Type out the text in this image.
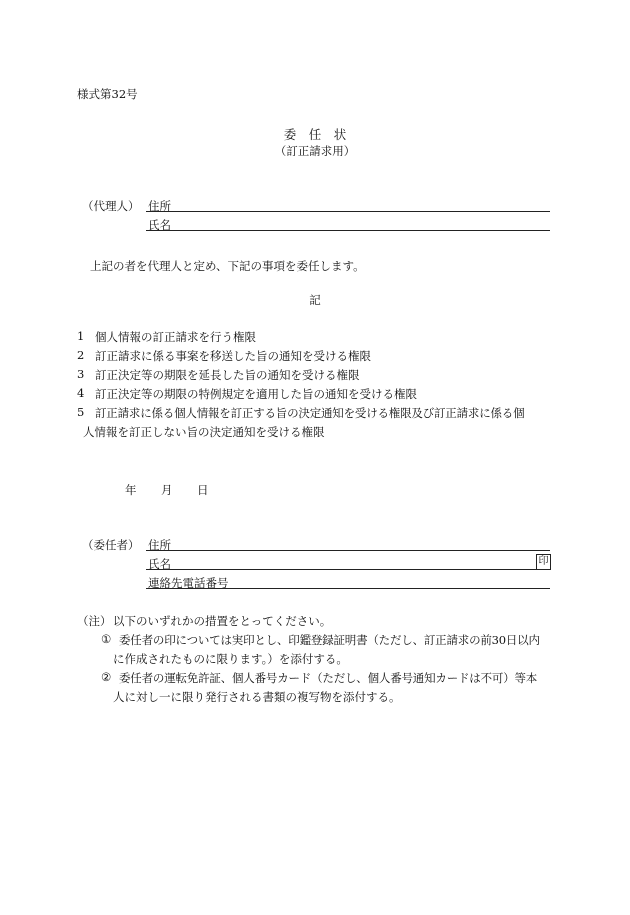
様式第32号
委　任　状
（訂正請求用）
（代理人） 住所
氏名
上記の者を代理人と定め、下記の事項を委任します。
記
1 個人情報の訂正請求を行う権限
2 訂正請求に係る事案を移送した旨の通知を受ける権限
3 訂正決定等の期限を延長した旨の通知を受ける権限
4 訂正決定等の期限の特例規定を適用した旨の通知を受ける権限
5 訂正請求に係る個人情報を訂正する旨の決定通知を受ける権限及び訂正請求に係る個
人情報を訂正しない旨の決定通知を受ける権限
年 月 日
（委任者） 住所
氏名	印
連絡先電話番号
（注） 以下のいずれかの措置をとってください。
① 委任者の印については実印とし、印鑑登録証明書（ただし、訂正請求の前30日以内
に作成されたものに限ります。）を添付する。
② 委任者の運転免許証、個人番号カード（ただし、個人番号通知カードは不可）等本
人に対し一に限り発行される書類の複写物を添付する。
